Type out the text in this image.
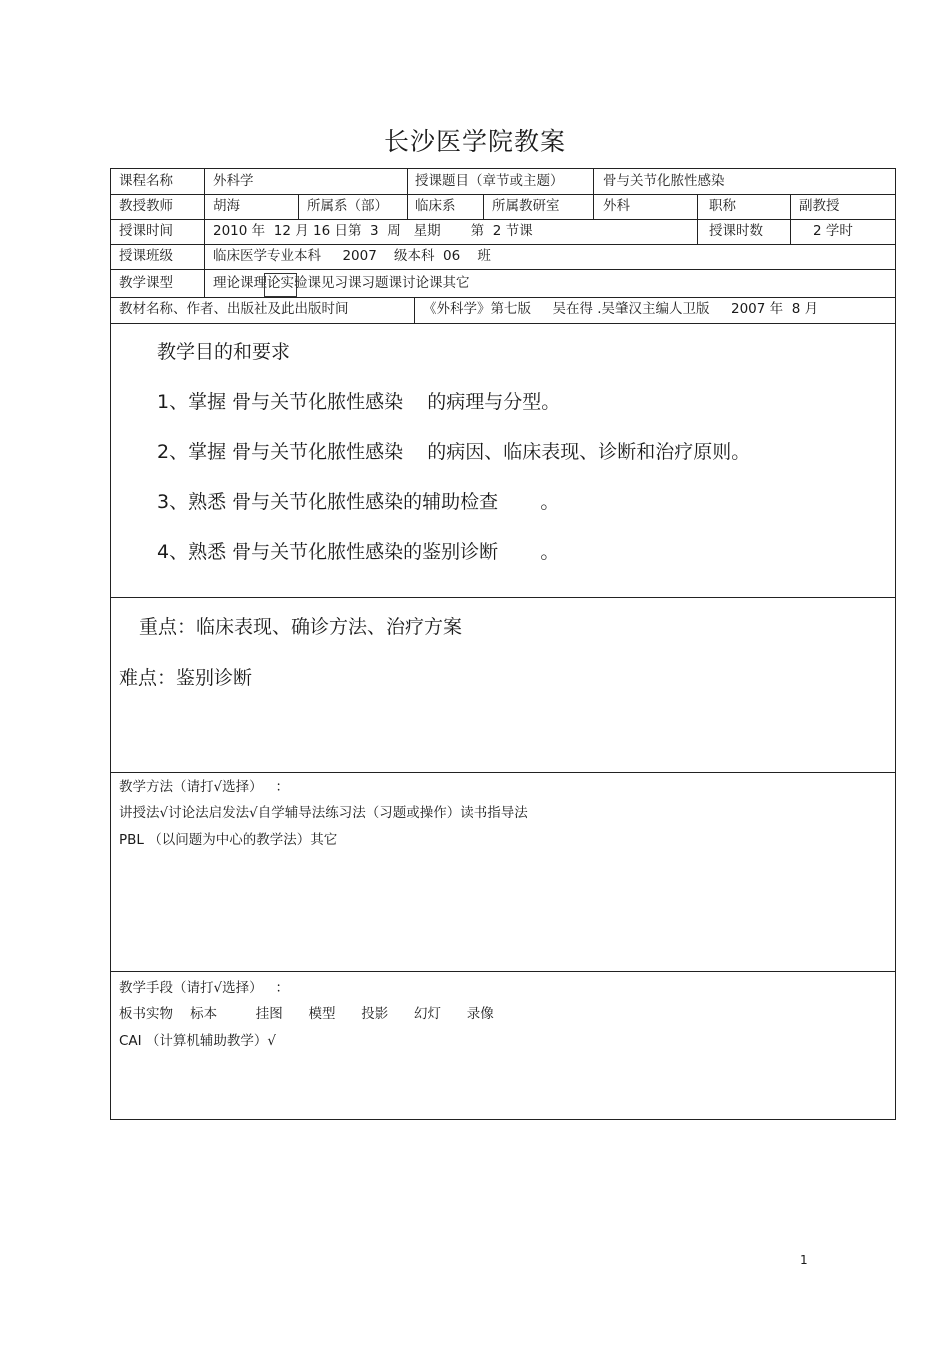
长沙医学院教案
课程名称	外科学	授课题目（章节或主题）	骨与关节化脓性感染
教授教师	胡海	所属系（部） 临床系	所属教研室	外科	职称	副教授
授课时间	2010 年  12 月 16 日第  3  周   星期       第  2 节课	授课时数	2 学时
授课班级	临床医学专业本科     2007    级本科  06    班
教学课型	理论课理论实验课见习课习题课讨论课其它
教材名称、作者、出版社及此出版时间	《外科学》第七版     吴在得 .吴肇汉主编人卫版     2007 年  8 月
教学目的和要求
1、掌握 骨与关节化脓性感染    的病理与分型。
2、掌握 骨与关节化脓性感染    的病因、临床表现、诊断和治疗原则。
3、熟悉 骨与关节化脓性感染的辅助检查       。
4、熟悉 骨与关节化脓性感染的鉴别诊断       。
重点：临床表现、确诊方法、治疗方案
难点：鉴别诊断
教学方法（请打√选择）   ：
讲授法√讨论法启发法√自学辅导法练习法（习题或操作）读书指导法
PBL （以问题为中心的教学法）其它
教学手段（请打√选择）   ：
板书实物    标本         挂图      模型      投影      幻灯      录像
CAI （计算机辅助教学）√
1
